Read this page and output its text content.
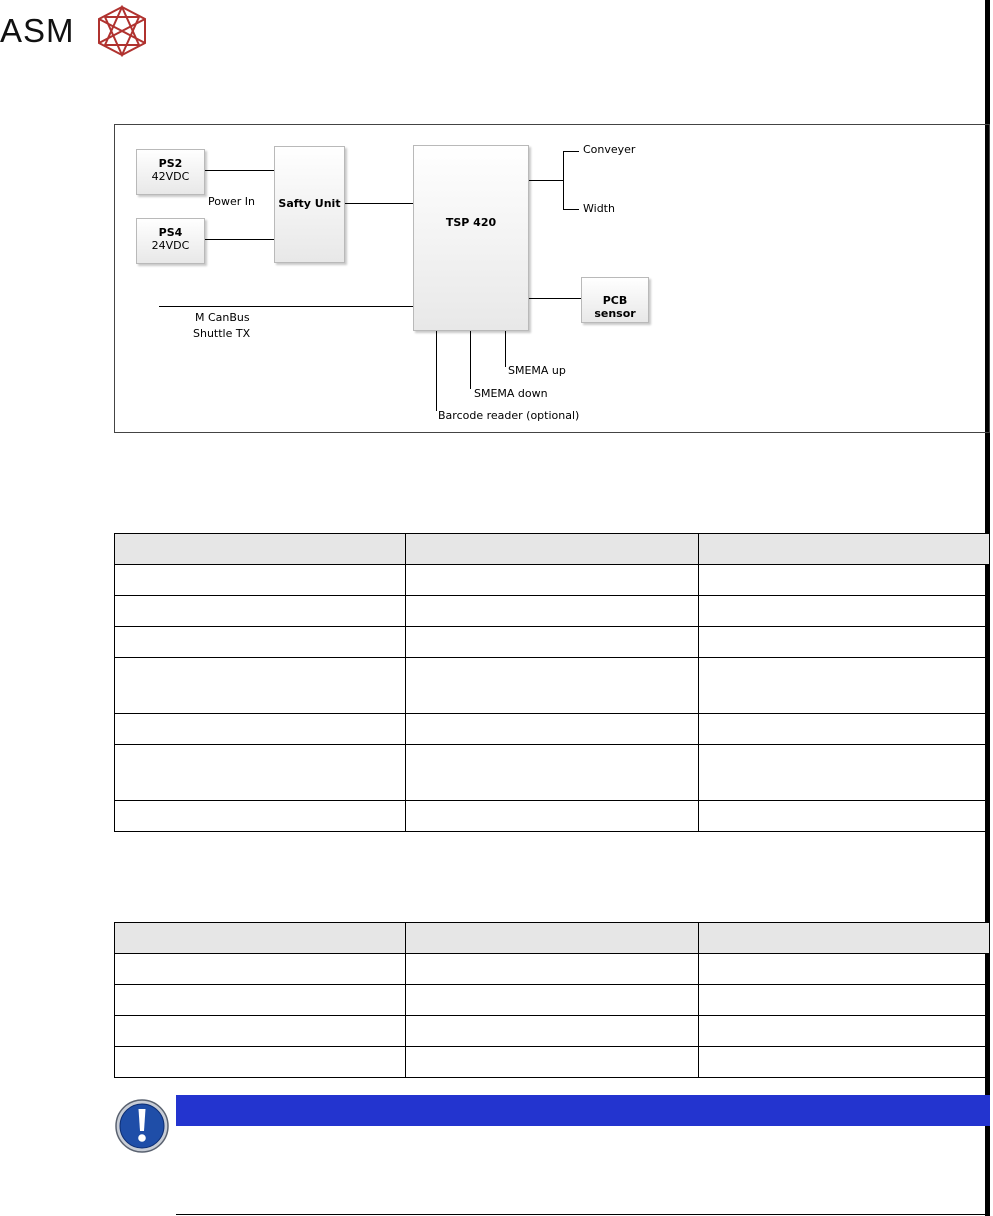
ASM
PS2
42VDC
PS4
24VDC
Safty Unit
TSP 420
PCB sensor
Power In
Conveyer
Width
M CanBus
Shuttle TX
SMEMA up
SMEMA down
Barcode reader (optional)
